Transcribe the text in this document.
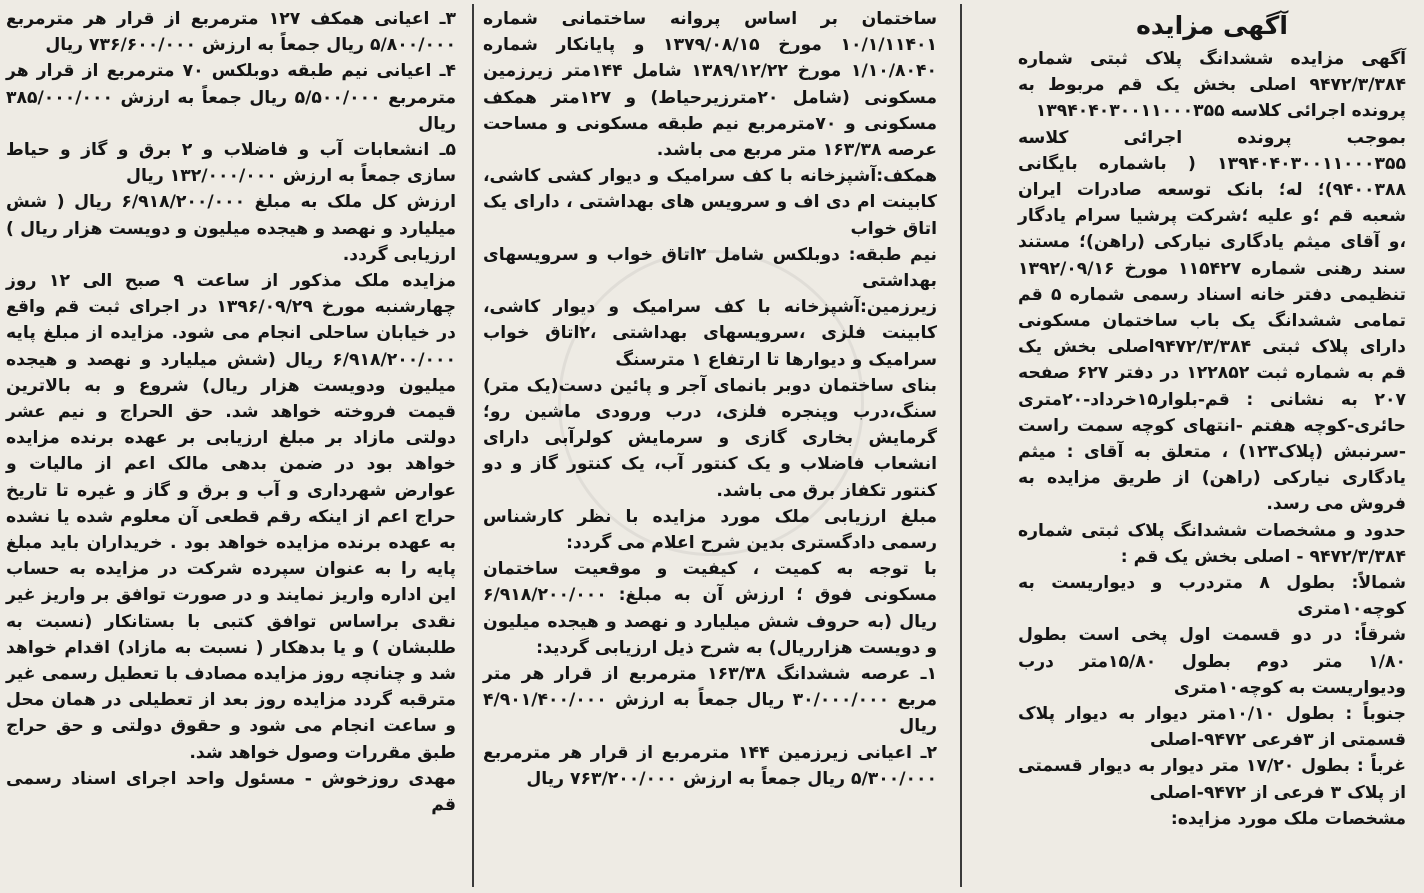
آگهی مزایده

آگهی مزایده ششدانگ پلاک ثبتی شماره ۹۴۷۲/۳/۳۸۴ اصلی بخش یک قم مربوط به پرونده اجرائی کلاسه ۱۳۹۴۰۴۰۳۰۰۱۱۰۰۰۳۵۵

بموجب پرونده اجرائی کلاسه ۱۳۹۴۰۴۰۳۰۰۱۱۰۰۰۳۵۵ ( باشماره بایگانی ۹۴۰۰۳۸۸)؛ له؛ بانک توسعه صادرات ایران شعبه قم ؛و علیه ؛شرکت پرشیا سرام یادگار ،و آقای میثم یادگاری نیارکی (راهن)؛ مستند سند رهنی شماره ۱۱۵۴۲۷ مورخ ۱۳۹۲/۰۹/۱۶ تنظیمی دفتر خانه اسناد رسمی شماره ۵ قم تمامی ششدانگ یک باب ساختمان مسکونی دارای پلاک ثبتی ۹۴۷۲/۳/۳۸۴اصلی بخش یک قم به شماره ثبت ۱۲۲۸۵۲ در دفتر ۶۲۷ صفحه ۲۰۷ به نشانی : قم-بلوار۱۵خرداد-۲۰متری حائری-کوچه هفتم -انتهای کوچه سمت راست -سرنبش (پلاک۱۲۳) ، متعلق به آقای : میثم یادگاری نیارکی (راهن) از طریق مزایده به فروش می رسد.

حدود و مشخصات ششدانگ پلاک ثبتی شماره ۹۴۷۲/۳/۳۸۴ - اصلی بخش یک قم :

شمالاً: بطول ۸ متردرب و دیواریست به کوچه۱۰متری

شرقاً: در دو قسمت اول پخی است بطول ۱/۸۰ متر دوم بطول ۱۵/۸۰متر درب ودیواریست به کوچه۱۰متری

جنوباً : بطول ۱۰/۱۰متر دیوار به دیوار پلاک قسمتی از ۳فرعی ۹۴۷۲-اصلی

غرباً : بطول ۱۷/۲۰ متر دیوار به دیوار قسمتی از پلاک ۳ فرعی از ۹۴۷۲-اصلی

مشخصات ملک مورد مزایده:

ساختمان بر اساس پروانه ساختمانی شماره ۱۰/۱/۱۱۴۰۱ مورخ ۱۳۷۹/۰۸/۱۵ و پایانکار شماره ۱/۱۰/۸۰۴۰ مورخ ۱۳۸۹/۱۲/۲۲ شامل ۱۴۴متر زیرزمین مسکونی (شامل ۲۰مترزیرحیاط) و ۱۲۷متر همکف مسکونی و ۷۰مترمربع نیم طبقه مسکونی و مساحت عرصه ۱۶۳/۳۸ متر مربع می باشد.

همکف:آشپزخانه با کف سرامیک و دیوار کشی کاشی، کابینت ام دی اف و سرویس های بهداشتی ، دارای یک اتاق خواب

نیم طبقه: دوبلکس شامل ۲اتاق خواب و سرویسهای بهداشتی

زیرزمین:آشپزخانه با کف سرامیک و دیوار کاشی، کابینت فلزی ،سرویسهای بهداشتی ،۲اتاق خواب سرامیک و دیوارها تا ارتفاع ۱ مترسنگ

بنای ساختمان دوبر بانمای آجر و پائین دست(یک متر) سنگ،درب وپنجره فلزی، درب ورودی ماشین رو؛ گرمایش بخاری گازی و سرمایش کولرآبی دارای انشعاب فاضلاب و یک کنتور آب، یک کنتور گاز و دو کنتور تکفاز برق می باشد.

مبلغ ارزیابی ملک مورد مزایده با نظر کارشناس رسمی دادگستری بدین شرح اعلام می گردد:

با توجه به کمیت ، کیفیت و موقعیت ساختمان مسکونی فوق ؛ ارزش آن به مبلغ: ۶/۹۱۸/۲۰۰/۰۰۰ ریال (به حروف شش میلیارد و نهصد و هیجده میلیون و دویست هزارریال) به شرح ذیل ارزیابی گردید:

۱ـ عرصه ششدانگ ۱۶۳/۳۸ مترمربع از قرار هر متر مربع ۳۰/۰۰۰/۰۰۰ ریال جمعاً به ارزش ۴/۹۰۱/۴۰۰/۰۰۰ ریال

۲ـ اعیانی زیرزمین ۱۴۴ مترمربع از قرار هر مترمربع ۵/۳۰۰/۰۰۰ ریال جمعاً به ارزش ۷۶۳/۲۰۰/۰۰۰ ریال

۳ـ اعیانی همکف ۱۲۷ مترمربع از قرار هر مترمربع ۵/۸۰۰/۰۰۰ ریال جمعاً به ارزش ۷۳۶/۶۰۰/۰۰۰ ریال

۴ـ اعیانی نیم طبقه دوبلکس ۷۰ مترمربع از قرار هر مترمربع ۵/۵۰۰/۰۰۰ ریال جمعاً به ارزش ۳۸۵/۰۰۰/۰۰۰ ریال

۵ـ انشعابات آب و فاضلاب و ۲ برق و گاز و حیاط سازی جمعاً به ارزش ۱۳۲/۰۰۰/۰۰۰ ریال

ارزش کل ملک به مبلغ ۶/۹۱۸/۲۰۰/۰۰۰ ریال ( شش میلیارد و نهصد و هیجده میلیون و دویست هزار ریال ) ارزیابی گردد.

مزایده ملک مذکور از ساعت ۹ صبح الی ۱۲ روز چهارشنبه مورخ ۱۳۹۶/۰۹/۲۹ در اجرای ثبت قم واقع در خیابان ساحلی انجام می شود. مزایده از مبلغ پایه ۶/۹۱۸/۲۰۰/۰۰۰ ریال (شش میلیارد و نهصد و هیجده میلیون ودویست هزار ریال) شروع و به بالاترین قیمت فروخته خواهد شد. حق الحراج و نیم عشر دولتی مازاد بر مبلغ ارزیابی بر عهده برنده مزایده خواهد بود در ضمن بدهی مالک اعم از مالیات و عوارض شهرداری و آب و برق و گاز و غیره تا تاریخ حراج اعم از اینکه رقم قطعی آن معلوم شده یا نشده به عهده برنده مزایده خواهد بود . خریداران باید مبلغ پایه را به عنوان سپرده شرکت در مزایده به حساب این اداره واریز نمایند و در صورت توافق بر واریز غیر نقدی براساس توافق کتبی با بستانکار (نسبت به طلبشان ) و یا بدهکار ( نسبت به مازاد) اقدام خواهد شد و چنانچه روز مزایده مصادف با تعطیل رسمی غیر مترقبه گردد مزایده روز بعد از تعطیلی در همان محل و ساعت انجام می شود و حقوق دولتی و حق حراج طبق مقررات وصول خواهد شد.

مهدی روزخوش - مسئول واحد اجرای اسناد رسمی قم
